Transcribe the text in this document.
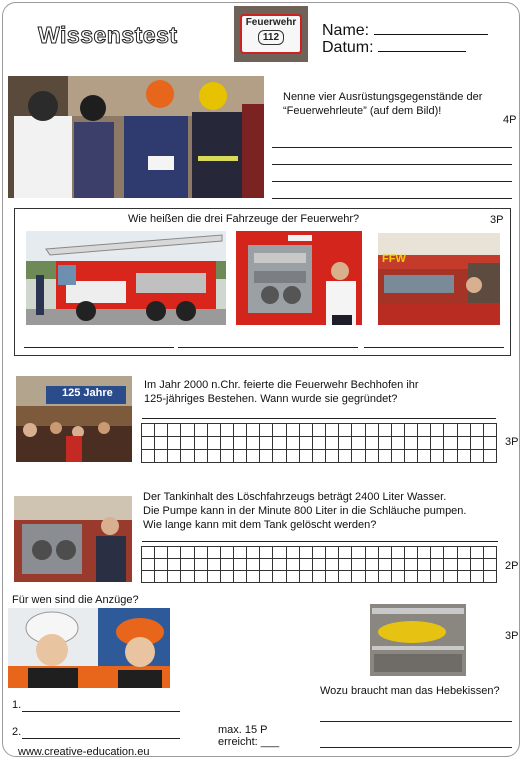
Wissenstest	Feuerwehr
112	Name:
Datum:
Nenne vier Ausrüstungsgegenstände der
“Feuerwehrleute” (auf dem Bild)!
4P
Wie heißen die drei Fahrzeuge der Feuerwehr?	3P
FFW
125 Jahre
Im Jahr 2000 n.Chr. feierte die Feuerwehr Bechhofen ihr
125-jähriges Bestehen. Wann wurde sie gegründet?
3P
Der Tankinhalt des Löschfahrzeugs beträgt 2400 Liter Wasser.
Die Pumpe kann in der Minute 800 Liter in die Schläuche pumpen.
Wie lange kann mit dem Tank gelöscht werden?
2P
Für wen sind die Anzüge?
1.
2.
3P
Wozu braucht man das Hebekissen?
max. 15 P
erreicht: ___
www.creative-education.eu
